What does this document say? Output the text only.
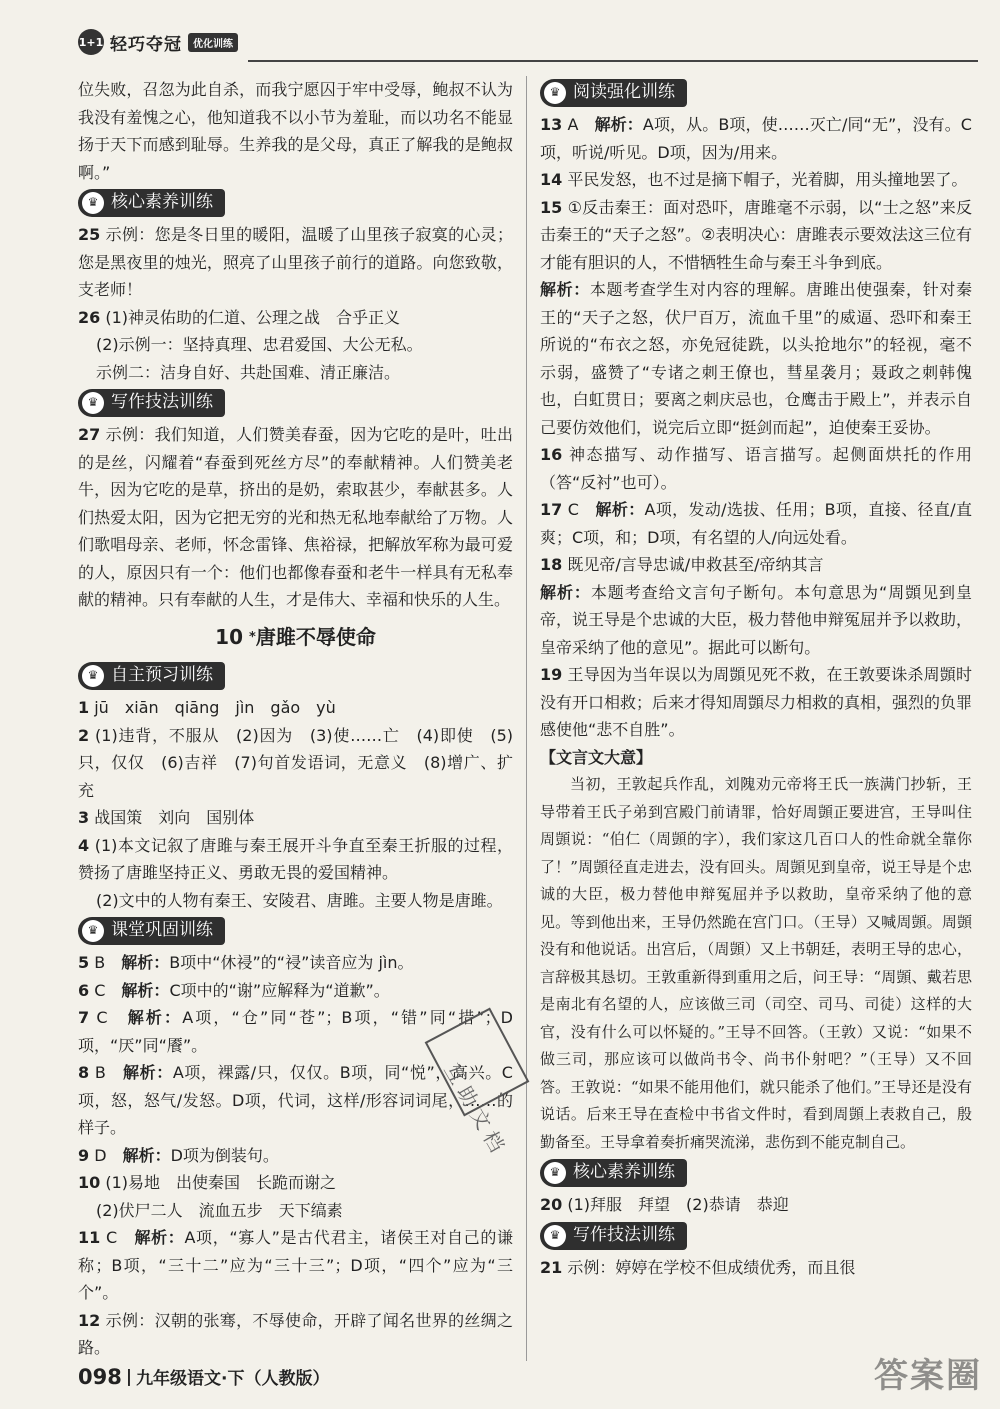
1+1 轻巧夺冠	优化训练

位失败，召忽为此自杀，而我宁愿囚于牢中受辱，鲍叔不认为我没有羞愧之心，他知道我不以小节为羞耻，而以功名不能显扬于天下而感到耻辱。生养我的是父母，真正了解我的是鲍叔啊。”

♛ 核心素养训练

25 示例：您是冬日里的暖阳，温暖了山里孩子寂寞的心灵；您是黑夜里的烛光，照亮了山里孩子前行的道路。向您致敬，支老师！

26 (1)神灵佑助的仁道、公理之战　合乎正义

(2)示例一：坚持真理、忠君爱国、大公无私。

示例二：洁身自好、共赴国难、清正廉洁。

♛ 写作技法训练

27 示例：我们知道，人们赞美春蚕，因为它吃的是叶，吐出的是丝，闪耀着“春蚕到死丝方尽”的奉献精神。人们赞美老牛，因为它吃的是草，挤出的是奶，索取甚少，奉献甚多。人们热爱太阳，因为它把无穷的光和热无私地奉献给了万物。人们歌唱母亲、老师，怀念雷锋、焦裕禄，把解放军称为最可爱的人，原因只有一个：他们也都像春蚕和老牛一样具有无私奉献的精神。只有奉献的人生，才是伟大、幸福和快乐的人生。

10 *唐雎不辱使命
♛ 自主预习训练

1 jū　xiān　qiāng　jìn　gǎo　yù

2 (1)违背，不服从　(2)因为　(3)使……亡　(4)即使　(5)只，仅仅　(6)吉祥　(7)句首发语词，无意义　(8)增广、扩充

3 战国策　刘向　国别体

4 (1)本文记叙了唐雎与秦王展开斗争直至秦王折服的过程，赞扬了唐雎坚持正义、勇敢无畏的爱国精神。

(2)文中的人物有秦王、安陵君、唐雎。主要人物是唐雎。

♛ 课堂巩固训练

5 B　 解析：B项中“休祲”的“祲”读音应为 jìn。

6 C　 解析：C项中的“谢”应解释为“道歉”。

7 C　 解析：A项，“仓”同“苍”；B项，“错”同“措”；D项，“厌”同“餍”。

8 B　 解析：A项，裸露/只，仅仅。B项，同“悦”，高兴。C项，怒，怒气/发怒。D项，代词，这样/形容词词尾，……的样子。

9 D　 解析：D项为倒装句。

10 (1)易地　出使秦国　长跪而谢之

(2)伏尸二人　流血五步　天下缟素

11 C　 解析：A项，“寡人”是古代君主，诸侯王对自己的谦称；B项，“三十二”应为“三十三”；D项，“四个”应为“三个”。

12 示例：汉朝的张骞，不辱使命，开辟了闻名世界的丝绸之路。

♛ 阅读强化训练

13 A　 解析：A项，从。B项，使……灭亡/同“无”，没有。C项，听说/听见。D项，因为/用来。

14 平民发怒，也不过是摘下帽子，光着脚，用头撞地罢了。

15 ①反击秦王：面对恐吓，唐雎毫不示弱，以“士之怒”来反击秦王的“天子之怒”。②表明决心：唐雎表示要效法这三位有才能有胆识的人，不惜牺牲生命与秦王斗争到底。

解析：本题考查学生对内容的理解。唐雎出使强秦，针对秦王的“天子之怒，伏尸百万，流血千里”的威逼、恐吓和秦王所说的“布衣之怒，亦免冠徒跣，以头抢地尔”的轻视，毫不示弱，盛赞了“专诸之刺王僚也，彗星袭月；聂政之刺韩傀也，白虹贯日；要离之刺庆忌也，仓鹰击于殿上”，并表示自己要仿效他们，说完后立即“挺剑而起”，迫使秦王妥协。

16 神态描写、动作描写、语言描写。起侧面烘托的作用（答“反衬”也可）。

17 C　 解析：A项，发动/选拔、任用；B项，直接、径直/直爽；C项，和；D项，有名望的人/向远处看。

18 既见帝/言导忠诚/申救甚至/帝纳其言

解析：本题考查给文言句子断句。本句意思为“周顗见到皇帝，说王导是个忠诚的大臣，极力替他申辩冤屈并予以救助，皇帝采纳了他的意见”。据此可以断句。

19 王导因为当年误以为周顗见死不救，在王敦要诛杀周顗时没有开口相救；后来才得知周顗尽力相救的真相，强烈的负罪感使他“悲不自胜”。

【文言文大意】

当初，王敦起兵作乱，刘隗劝元帝将王氏一族满门抄斩，王导带着王氏子弟到宫殿门前请罪，恰好周顗正要进宫，王导叫住周顗说：“伯仁（周顗的字），我们家这几百口人的性命就全靠你了！”周顗径直走进去，没有回头。周顗见到皇帝，说王导是个忠诚的大臣，极力替他申辩冤屈并予以救助，皇帝采纳了他的意见。等到他出来，王导仍然跪在宫门口。（王导）又喊周顗。周顗没有和他说话。出宫后，（周顗）又上书朝廷，表明王导的忠心，言辞极其恳切。王敦重新得到重用之后，问王导：“周顗、戴若思是南北有名望的人，应该做三司（司空、司马、司徒）这样的大官，没有什么可以怀疑的。”王导不回答。（王敦）又说：“如果不做三司，那应该可以做尚书令、尚书仆射吧？”（王导）又不回答。王敦说：“如果不能用他们，就只能杀了他们。”王导还是没有说话。后来王导在查检中书省文件时，看到周顗上表救自己，殷勤备至。王导拿着奏折痛哭流涕，悲伤到不能克制自己。

♛ 核心素养训练

20 (1)拜服　拜望　(2)恭请　恭迎

♛ 写作技法训练

21 示例：婷婷在学校不但成绩优秀，而且很

互助文档
098 | 九年级语文·下（人教版）	答案圈
